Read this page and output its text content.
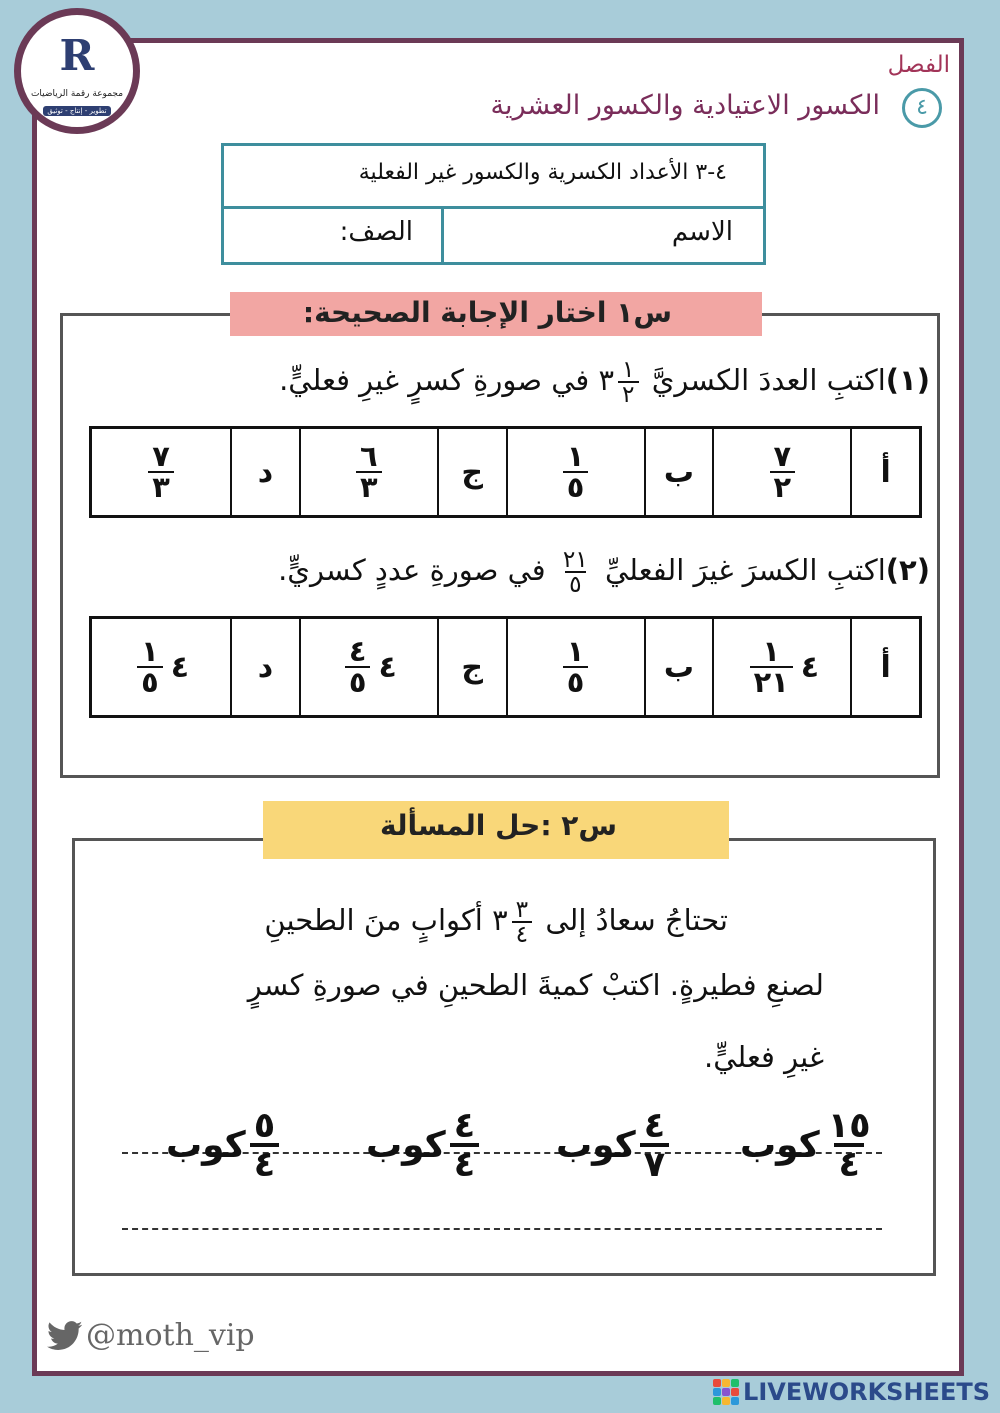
R
مجموعة رقمة الرياضيات
تطوير - إنتاج - توثيق
الفصل
٤
الكسور الاعتيادية والكسور العشرية
٤-٣ الأعداد الكسرية والكسور غير الفعلية
الاسم
الصف:
س١ اختار الإجابة الصحيحة:
(١)اكتبِ العددَ الكسريَّ
$\frac{١}{٢}$
٣ في صورةِ كسرٍ غيرِ فعليٍّ.
أ
$\frac{٧}{٢}$
ب
$\frac{١}{٥}$
ج
$\frac{٦}{٣}$
د
$\frac{٧}{٣}$
(٢)اكتبِ الكسرَ غيرَ الفعليِّ
$\frac{٢١}{٥}$
في صورةِ عددٍ كسريٍّ.
أ
٤
$\frac{١}{٢١}$
ب
$\frac{١}{٥}$
ج
٤
$\frac{٤}{٥}$
د
٤
$\frac{١}{٥}$
س٢ :حل المسألة
تحتاجُ سعادُ إلى
$\frac{٣}{٤}$
٣ أكوابٍ منَ الطحينِ
لصنعِ فطيرةٍ. اكتبْ كميةَ الطحينِ في صورةِ كسرٍ
غيرِ فعليٍّ.
$\frac{١٥}{٤}$
كوب
$\frac{٤}{٧}$
كوب
$\frac{٤}{٤}$
كوب
$\frac{٥}{٤}$
كوب
@moth_vip
LIVEWORKSHEETS
